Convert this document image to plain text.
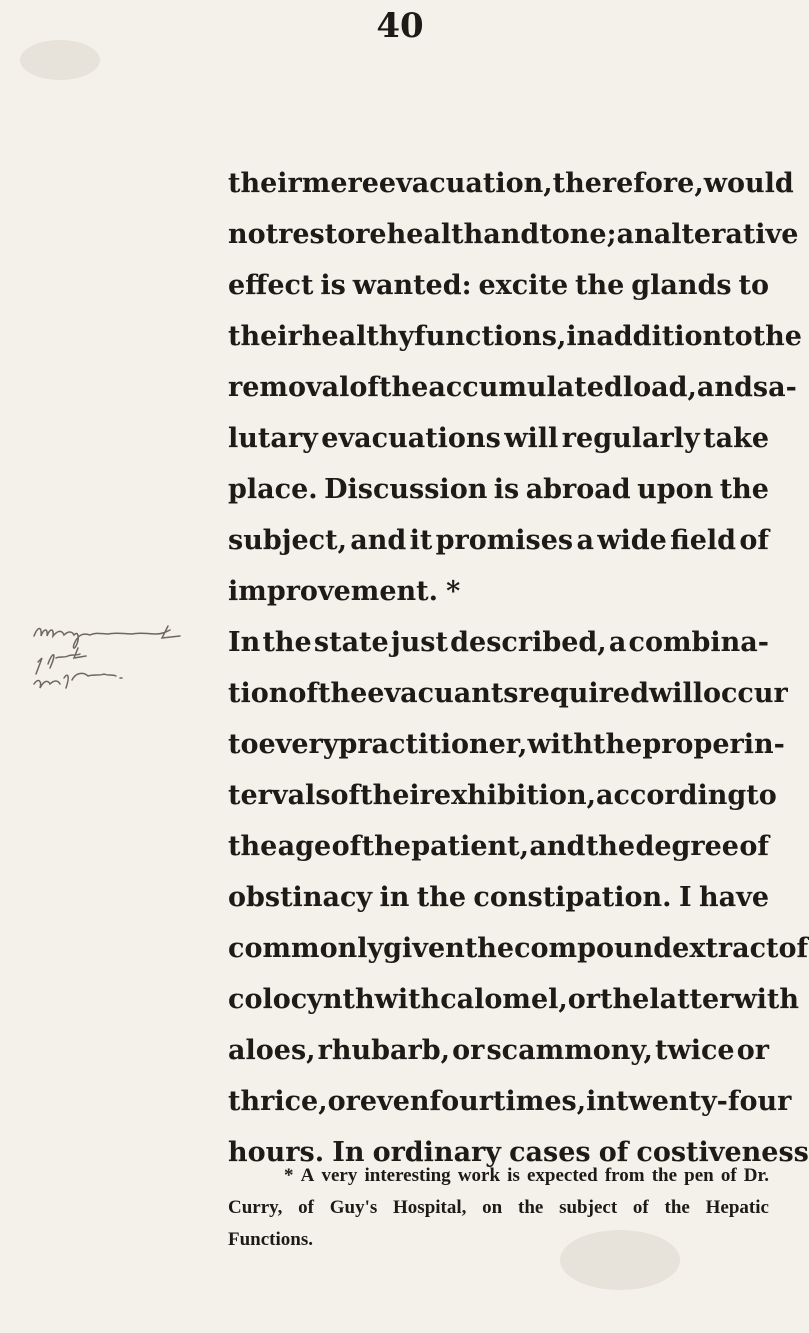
40
their mere evacuation, therefore, would
not restore health and tone; an alterative
effect is wanted: excite the glands to
their healthy functions, in addition to the
removal of the accumulated load, and sa-
lutary evacuations will regularly take
place. Discussion is abroad upon the
subject, and it promises a wide field of
improvement. *
In the state just described, a combina-
tion of the evacuants required will occur
to every practitioner, with the proper in-
tervals of their exhibition, according to
the age of the patient, and the degree of
obstinacy in the constipation. I have
commonly given the compound extract of
colocynth with calomel, or the latter with
aloes, rhubarb, or scammony, twice or
thrice, or even four times, in twenty-four
hours. In ordinary cases of costiveness
* A very interesting work is expected from the pen of Dr.
Curry, of Guy's Hospital, on the subject of the Hepatic
Functions.
